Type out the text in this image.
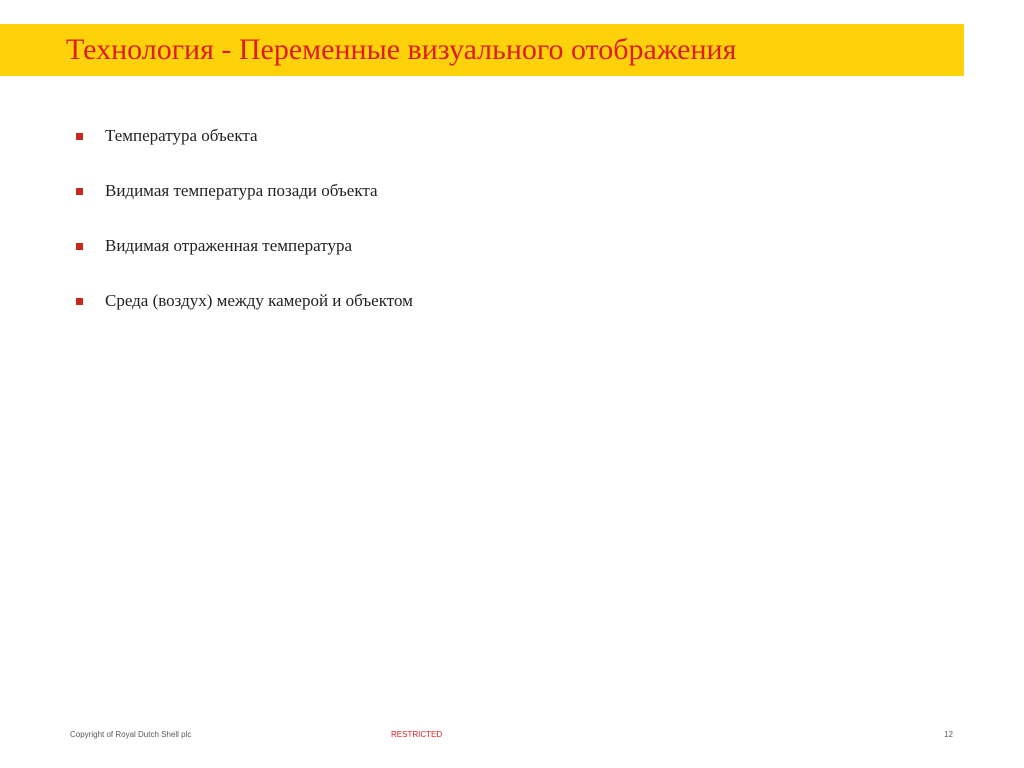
Технология - Переменные визуального отображения
Температура объекта
Видимая температура позади объекта
Видимая отраженная температура
Среда (воздух) между камерой и объектом
Copyright of Royal Dutch Shell plc	RESTRICTED	12
